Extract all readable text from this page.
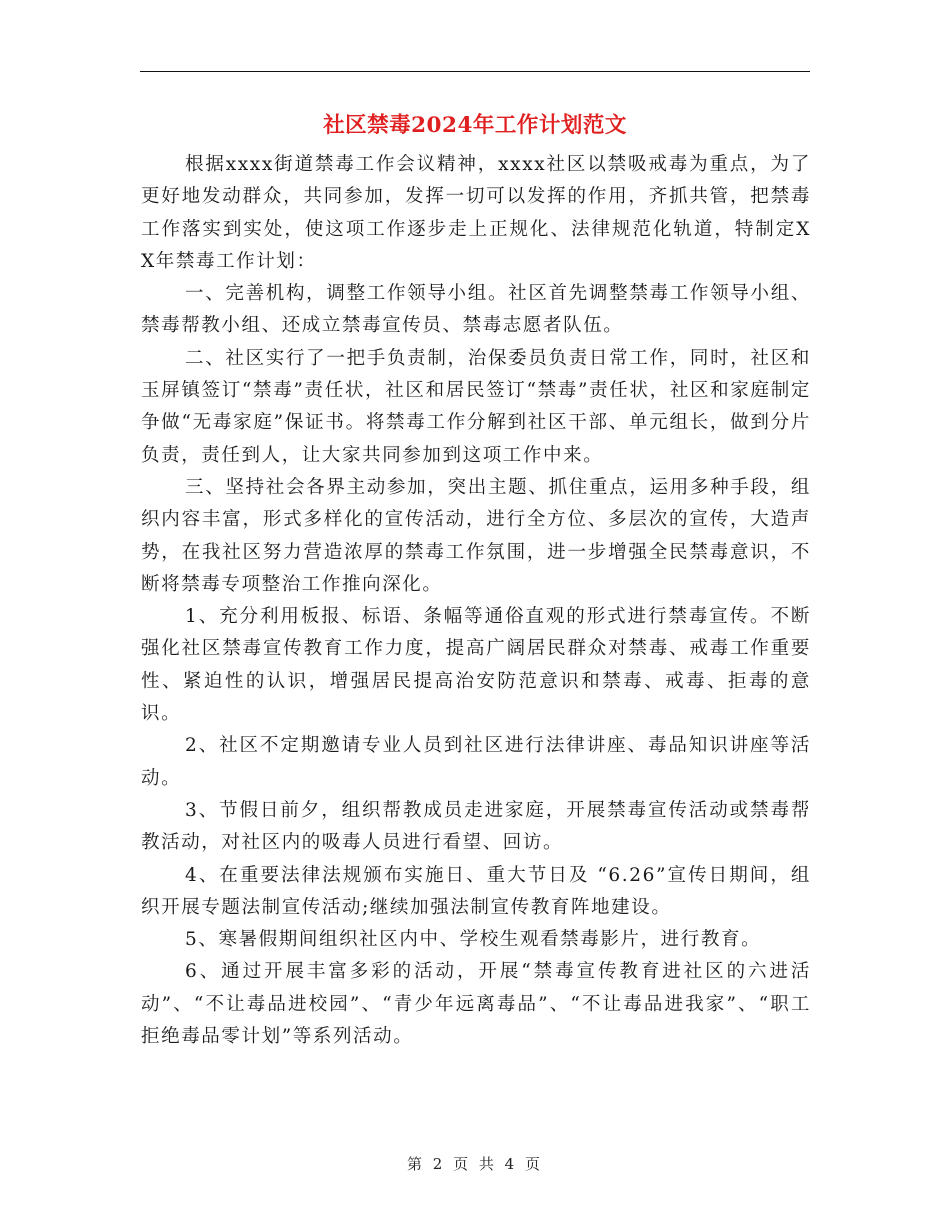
社区禁毒2024年工作计划范文

根据xxxx街道禁毒工作会议精神，xxxx社区以禁吸戒毒为重点，为了更好地发动群众，共同参加，发挥一切可以发挥的作用，齐抓共管，把禁毒工作落实到实处，使这项工作逐步走上正规化、法律规范化轨道，特制定XX年禁毒工作计划：

一、完善机构，调整工作领导小组。社区首先调整禁毒工作领导小组、禁毒帮教小组、还成立禁毒宣传员、禁毒志愿者队伍。

二、社区实行了一把手负责制，治保委员负责日常工作，同时，社区和玉屏镇签订“禁毒”责任状，社区和居民签订“禁毒”责任状，社区和家庭制定争做“无毒家庭”保证书。将禁毒工作分解到社区干部、单元组长，做到分片负责，责任到人，让大家共同参加到这项工作中来。

三、坚持社会各界主动参加，突出主题、抓住重点，运用多种手段，组织内容丰富，形式多样化的宣传活动，进行全方位、多层次的宣传，大造声势，在我社区努力营造浓厚的禁毒工作氛围，进一步增强全民禁毒意识，不断将禁毒专项整治工作推向深化。

1、充分利用板报、标语、条幅等通俗直观的形式进行禁毒宣传。不断强化社区禁毒宣传教育工作力度，提高广阔居民群众对禁毒、戒毒工作重要性、紧迫性的认识，增强居民提高治安防范意识和禁毒、戒毒、拒毒的意识。

2、社区不定期邀请专业人员到社区进行法律讲座、毒品知识讲座等活动。

3、节假日前夕，组织帮教成员走进家庭，开展禁毒宣传活动或禁毒帮教活动，对社区内的吸毒人员进行看望、回访。

4、在重要法律法规颁布实施日、重大节日及 “6.26”宣传日期间，组织开展专题法制宣传活动;继续加强法制宣传教育阵地建设。

5、寒暑假期间组织社区内中、学校生观看禁毒影片，进行教育。

6、通过开展丰富多彩的活动，开展“禁毒宣传教育进社区的六进活动”、“不让毒品进校园”、“青少年远离毒品”、“不让毒品进我家”、“职工拒绝毒品零计划”等系列活动。

第 2 页 共 4 页
